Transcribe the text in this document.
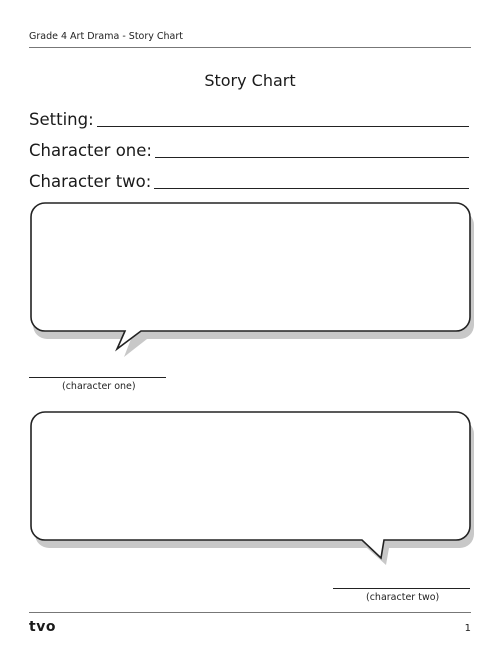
Grade 4 Art Drama - Story Chart
Story Chart
Setting:
Character one:
Character two:
(character one)
(character two)
tvo	1
